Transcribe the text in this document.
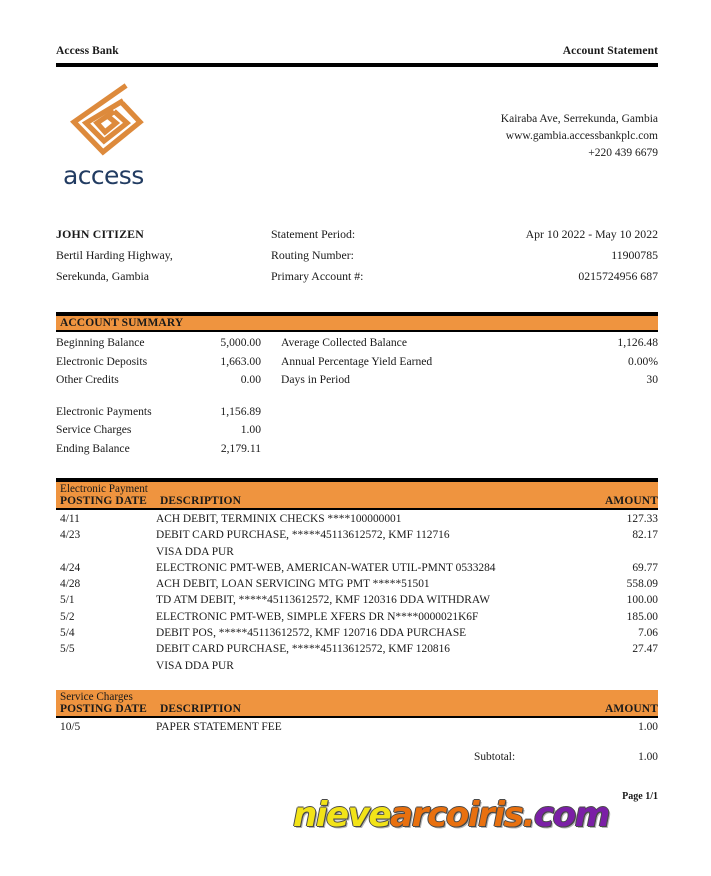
Access Bank	Account Statement
access
Kairaba Ave, Serrekunda, Gambia
www.gambia.accessbankplc.com
+220 439 6679
JOHN CITIZEN	Statement Period:	Apr 10 2022 - May 10 2022
Bertil Harding Highway,	Routing Number:	11900785
Serekunda, Gambia	Primary Account #:	0215724956 687
ACCOUNT SUMMARY
Beginning Balance	5,000.00	Average Collected Balance	1,126.48
Electronic Deposits	1,663.00	Annual Percentage Yield Earned	0.00%
Other Credits	0.00	Days in Period	30
Electronic Payments	1,156.89
Service Charges	1.00
Ending Balance	2,179.11
Electronic Payment
POSTING DATE	DESCRIPTION	AMOUNT
4/11	ACH DEBIT, TERMINIX CHECKS ****100000001	127.33
4/23	DEBIT CARD PURCHASE, *****45113612572, KMF 112716	82.17
VISA DDA PUR
4/24	ELECTRONIC PMT-WEB, AMERICAN-WATER UTIL-PMNT 0533284	69.77
4/28	ACH DEBIT, LOAN SERVICING MTG PMT *****51501	558.09
5/1	TD ATM DEBIT, *****45113612572, KMF 120316 DDA WITHDRAW	100.00
5/2	ELECTRONIC PMT-WEB, SIMPLE XFERS DR N****0000021K6F	185.00
5/4	DEBIT POS, *****45113612572, KMF 120716 DDA PURCHASE	7.06
5/5	DEBIT CARD PURCHASE, *****45113612572, KMF 120816	27.47
VISA DDA PUR
Service Charges
POSTING DATE	DESCRIPTION	AMOUNT
10/5	PAPER STATEMENT FEE	1.00
Subtotal:	1.00
Page 1/1
nievearcoiris.com
